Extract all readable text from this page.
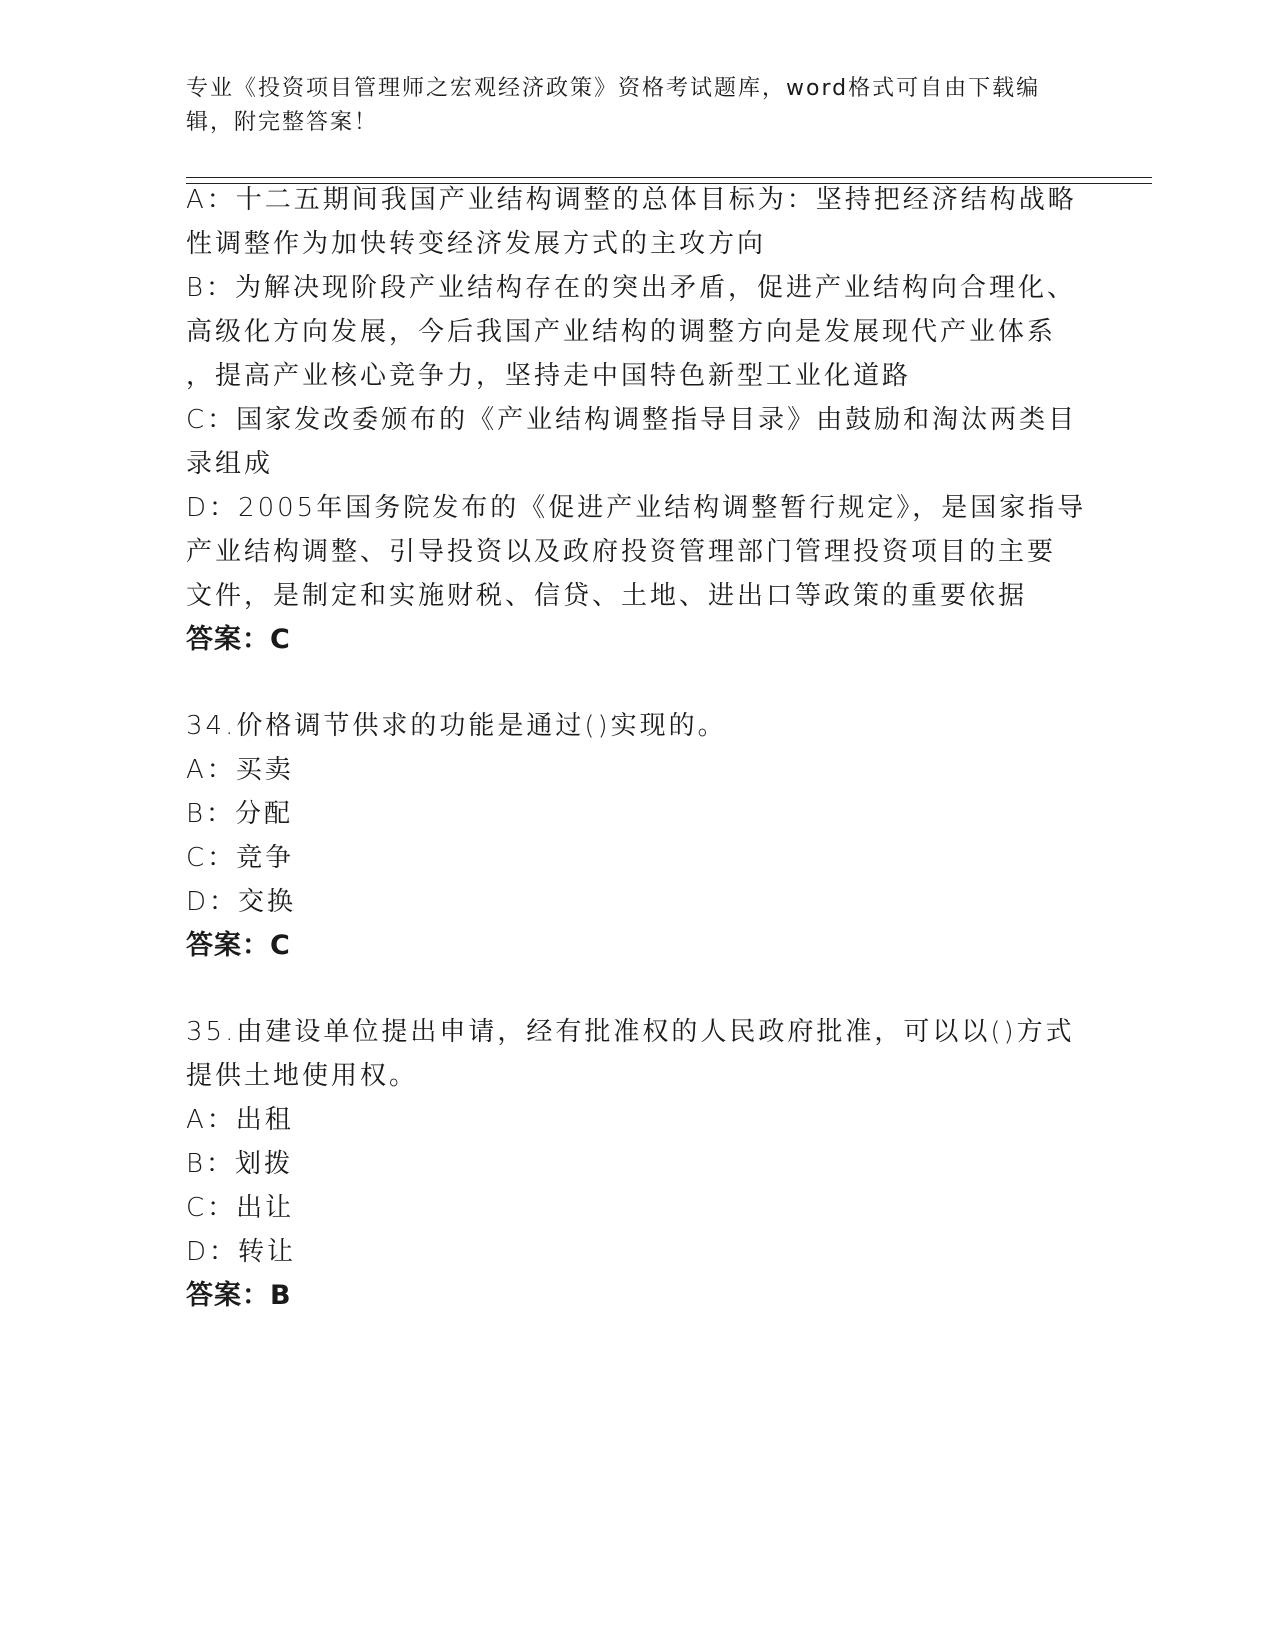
专业《投资项目管理师之宏观经济政策》资格考试题库，word格式可自由下载编
辑，附完整答案！
A：十二五期间我国产业结构调整的总体目标为：坚持把经济结构战略
性调整作为加快转变经济发展方式的主攻方向
B：为解决现阶段产业结构存在的突出矛盾，促进产业结构向合理化、
高级化方向发展，今后我国产业结构的调整方向是发展现代产业体系
，提高产业核心竞争力，坚持走中国特色新型工业化道路
C：国家发改委颁布的《产业结构调整指导目录》由鼓励和淘汰两类目
录组成
D：2005年国务院发布的《促进产业结构调整暂行规定》，是国家指导
产业结构调整、引导投资以及政府投资管理部门管理投资项目的主要
文件，是制定和实施财税、信贷、土地、进出口等政策的重要依据
答案：C
34.价格调节供求的功能是通过()实现的。
A：买卖
B：分配
C：竞争
D：交换
答案：C
35.由建设单位提出申请，经有批准权的人民政府批准，可以以()方式
提供土地使用权。
A：出租
B：划拨
C：出让
D：转让
答案：B
